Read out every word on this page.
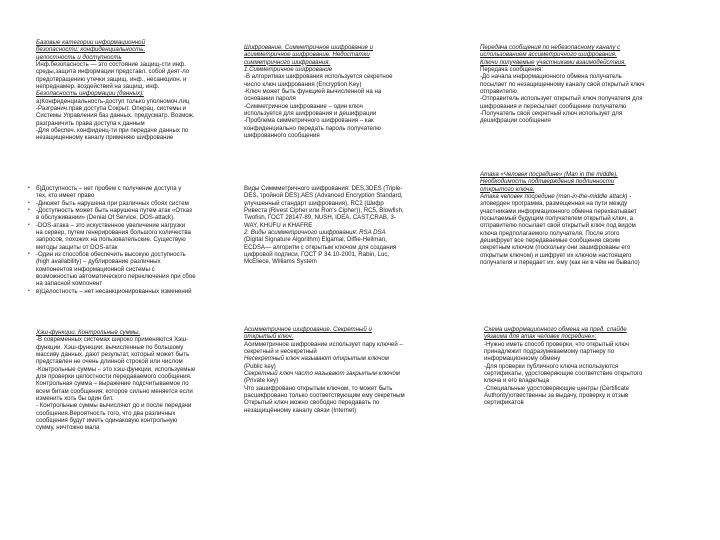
Базовые категории информационной

безопасности: конфиденциальность,

целостность и доступность

Инф.безопасность — это состояние защищ-сти инф.

среды,защита информации представл. собой деят-ло

предотвращению утечки защищ. инф., несанкцион. и

непреднамер. воздействий на защищ. инф.

Безопасность информации (данных):

а)Конфиденциальность-доступ только уполномоч.лиц

-Разгранич.прав доступа Сокрыт. Операц. системы и

Системы Управления баз данных. предусматр. Возмож.

разграничить права доступа к данным

-Для обеспеч. конфиденц-ти при передаче данных по

незащищенному каналу применяю шифрование

•	б)Доступность – нет пробем с получение доступа у

тех, кто имеет право

•	-Диюжет быть нарушена при различных сбоях систем

•	-Доступность может быть нарушена путем атак «Отказ

в обслуживании» (Denial Of Service, DOS-attack).

•	-DOS-атака – это искуственное увеличение нагрузки

на сервер, путем генерирования большого количества

запросов, похожих на пользовательские. Существую

методы защиты от DOS-атак

•	-Один из способов обеспечить высокую доступность

(high availability) – дублирование различных

компонентов информационной системы с

возможностью автоматического переключения при сбое

на запасной компонент

•	в)Целостность – нет несанкционированных изменений

Хэш-функции. Контрольные суммы.

-В современных системах широко применяются Хэш-

функции. Хэш-функции, вычисленные по большому

массиву данных, дают результат, который может быть

представлен не очень длинной строкой или числом

-Контрольные суммы – это хэш-функции, используемые

для проверки целостности передаваемого сообщения.

Контрольная сумма – выражение подсчитываемое по

всем битам сообщения, которое сильно меняется если

изменить хоть бы один бит.

- Контрольные суммы вычисляют до и после передачи

сообщения.Вероятность того, что два различных

сообщения будут иметь одинаковую контрольную

сумму, ничтожно мала

Шифрование. Симметричное шифрование и

асимметричное шифрование. Недостатки

симметричного шифрования.

1.Симметричное шифрование

-В алгоритмах шифрования используется секретное

число ключ шифрования (Encryption Key)

-Ключ может быть функцией вычисленной на на

основании пароля

-Симметричное шифрование – один ключ

используется для шифрования и дешифрации

-Проблема симметричного шифрования – как

конфиденциально передать пароль получателю

шифрованного сообщения

Виды Симмметричного шифрования: DES,3DES (Triple-

DES, тройной DES),AES (Advanced Encryption Standard,

улучшенный стандарт шифрования), RC2 (Шифр

Ривеста (Rivest Cipher или Ron's Cipher)), RC5, Blowfish,

Twofish, ГОСТ 28147-89, NUSH, IDEA, CAST,CRAB, 3-

WAY, KHUFU и KHAFRE

2. Виды асимметричного шифрования: RSA DSA

(Digital Signature Algorithm) Elgamal, Diffie-Hellman,

ECDSA— алгоритм с открытым ключом для создания

цифровой подписи, ГОСТ Р 34.10-2001, Rabin, Luc,

McEliece, Williams System

Асимметричное шифрование. Секретный и

открытый ключ.

Асимметричное шифрование использует пару ключей –

секретный и несекретный

Несекретный ключ называют открытым ключом

(Public key)

Секретный ключ часто называют закрытым ключом

(Private key)

Что зашифровано открытым ключом, то может быть

расшифровано только соответствующим ему секретным

Открытый ключ можно свободно передавать по

незащищённому каналу связи (Internet)

Передача сообщения по небезопасному каналу с

использованием ассиметричного шифрования.

Ключи получаемые участниками взаимодействия.

Передача сообщения:

-До начала информационного обмена получатель

посылает по незащищенному каналу свой открытый ключ

отправителю

-Отправитель использует открытый ключ получателя для

шифрования и пересылает сообщение получателю

-Получатель свой секретный ключ использует для

дешифрации сообщения

Атака «Человек посредине» (Man in the middle).

Необходимость подтверждения подлинности

открытого ключа.

Атака человек посредине (man-in-the-middle attack) -

зловерден программа, размещенная на пути между

участниками информационного обмена перехватывает

посылаемый будущим получателем открытый ключ, а

отправителю посылает свой открытый ключ под видом

ключа предполагаемого получателя. После этого

дешифрует все передаваемые сообщения своим

секретным ключом (поскольку они зашифрованы его

открытым ключом) и шифрует их ключом настоящего

получателя и передает их. ему (как ни в чём не бывало)

Схема информационного обмена на пред. слайде

уязвима для атак человек посредине»:

-Нужно иметь способ проверки, что открытый ключ

принадлежит подразумеваемому партнеру по

информационному обмену

-Для проверки публичного ключа используются

сертификаты, удостоверяющие соответствие открытого

ключа и его владельца

-Специальные удостоверяющие центры (Certificate

Authority)отвественны за выдачу, проверку и отзыв

сертификатов
